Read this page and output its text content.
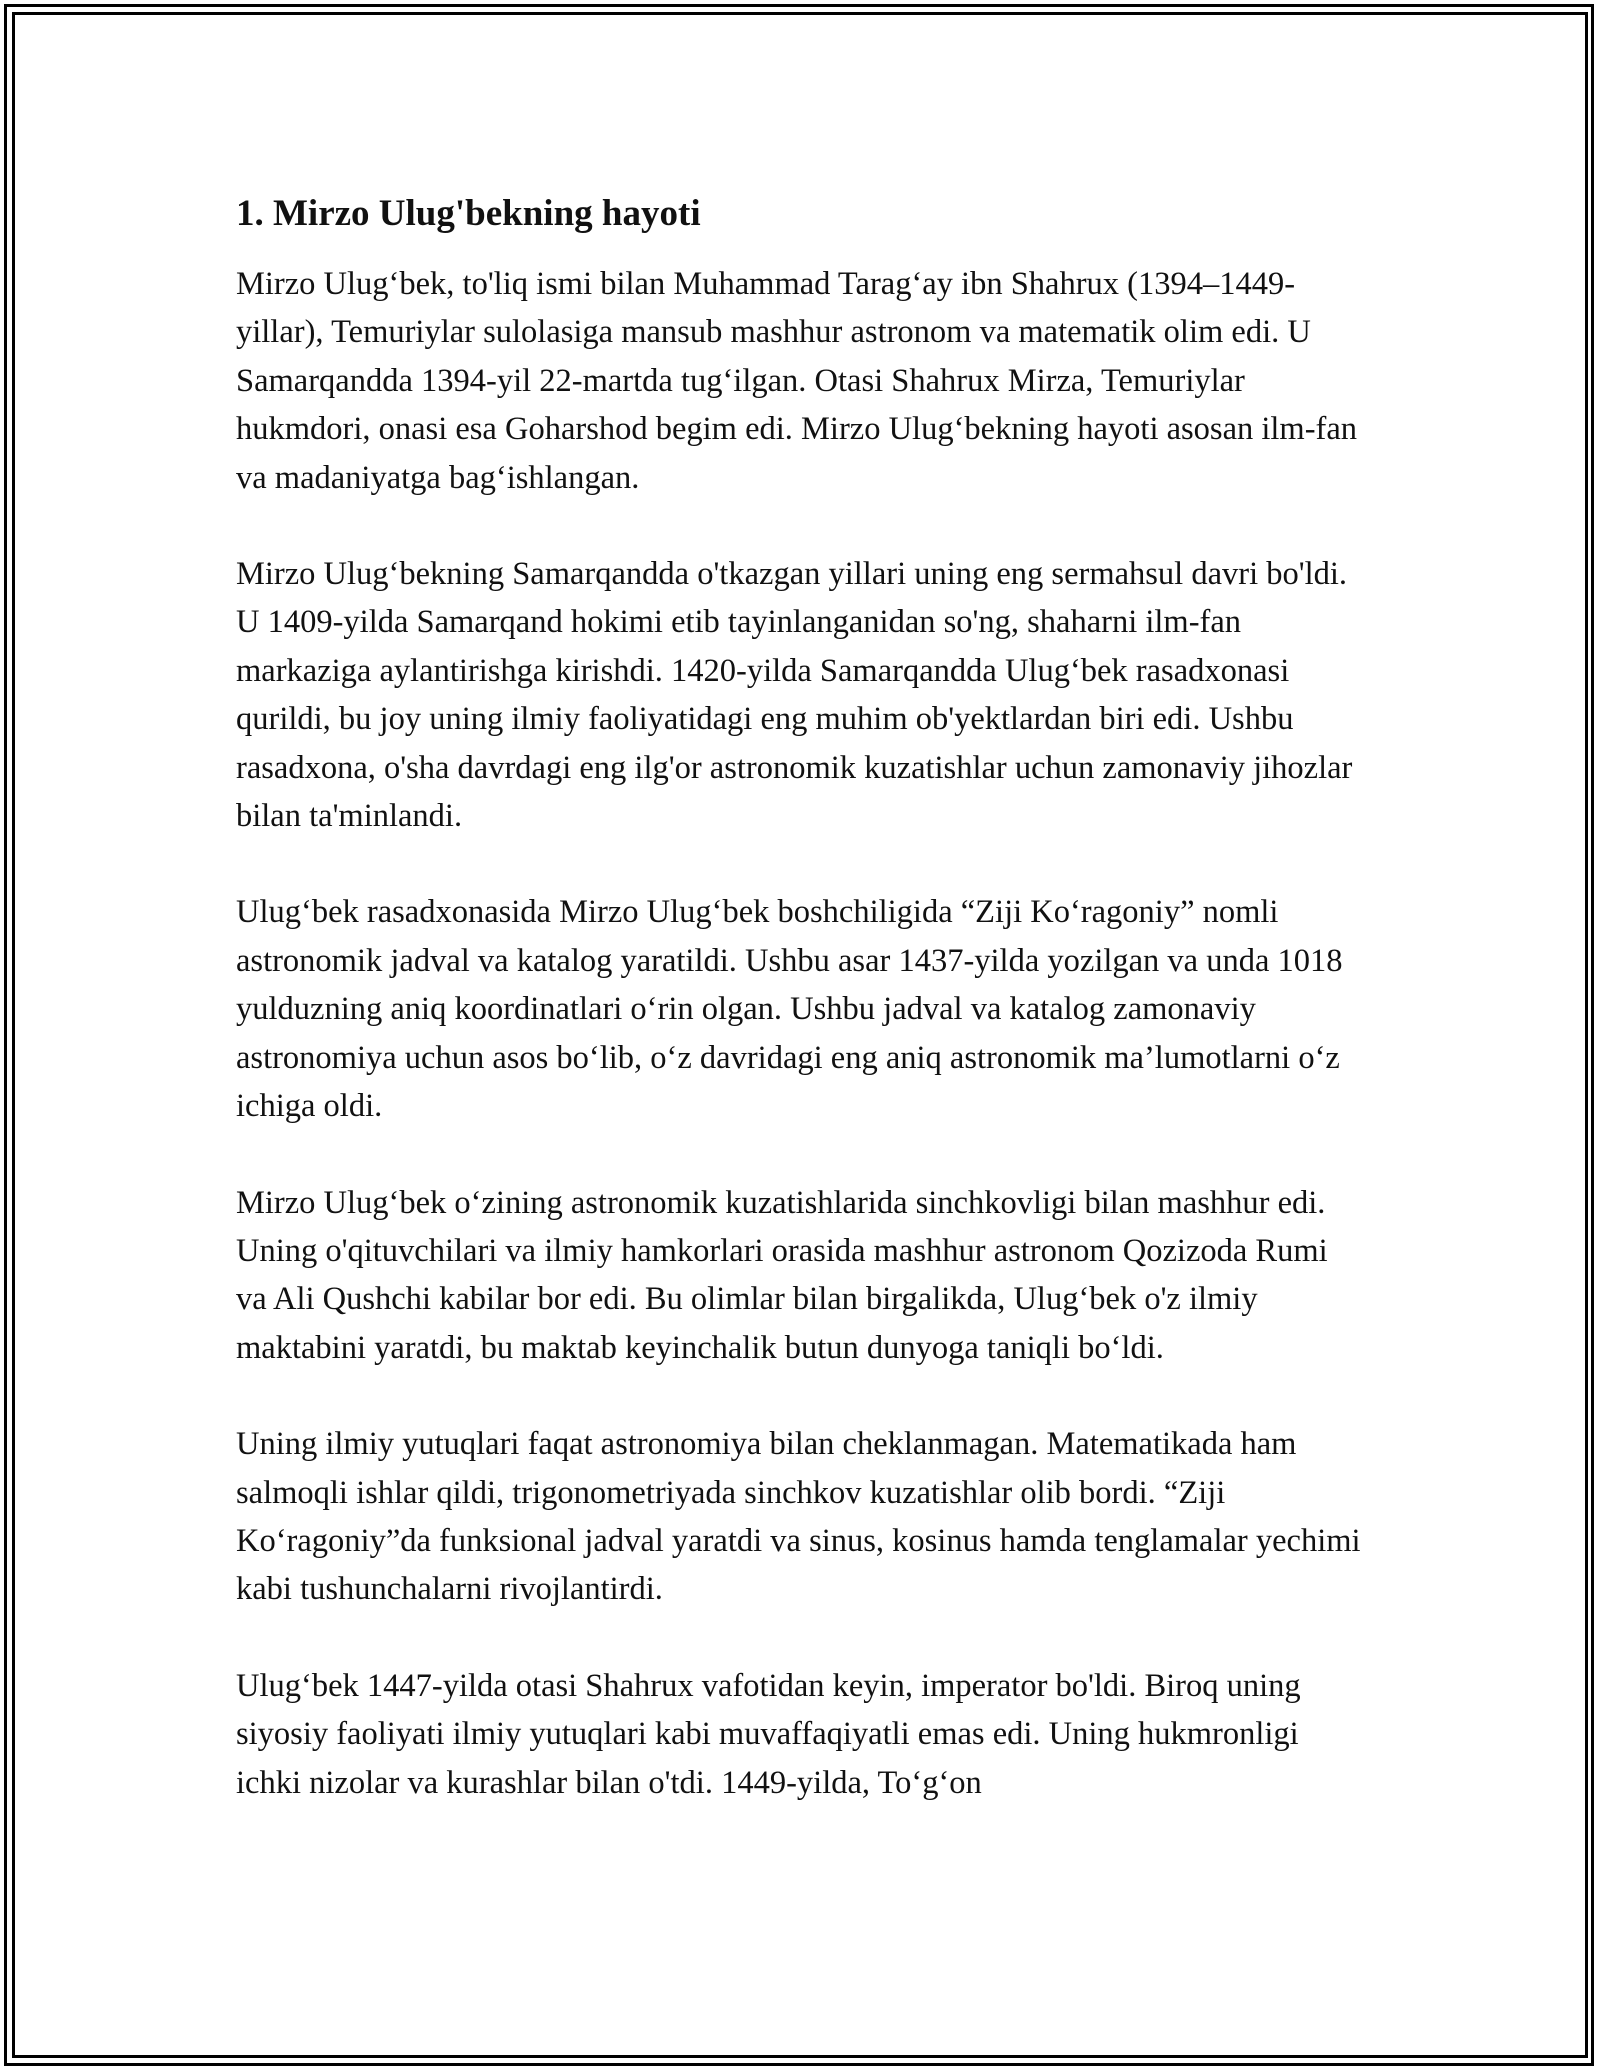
1. Mirzo Ulug'bekning hayoti

Mirzo Ulug‘bek, to'liq ismi bilan Muhammad Tarag‘ay ibn Shahrux (1394–1449-yillar), Temuriylar sulolasiga mansub mashhur astronom va matematik olim edi. U Samarqandda 1394-yil 22-martda tug‘ilgan. Otasi Shahrux Mirza, Temuriylar hukmdori, onasi esa Goharshod begim edi. Mirzo Ulug‘bekning hayoti asosan ilm-fan va madaniyatga bag‘ishlangan.

Mirzo Ulug‘bekning Samarqandda o'tkazgan yillari uning eng sermahsul davri bo'ldi. U 1409-yilda Samarqand hokimi etib tayinlanganidan so'ng, shaharni ilm-fan markaziga aylantirishga kirishdi. 1420-yilda Samarqandda Ulug‘bek rasadxonasi qurildi, bu joy uning ilmiy faoliyatidagi eng muhim ob'yektlardan biri edi. Ushbu rasadxona, o'sha davrdagi eng ilg'or astronomik kuzatishlar uchun zamonaviy jihozlar bilan ta'minlandi.

Ulug‘bek rasadxonasida Mirzo Ulug‘bek boshchiligida “Ziji Ko‘ragoniy” nomli astronomik jadval va katalog yaratildi. Ushbu asar 1437-yilda yozilgan va unda 1018 yulduzning aniq koordinatlari o‘rin olgan. Ushbu jadval va katalog zamonaviy astronomiya uchun asos bo‘lib, o‘z davridagi eng aniq astronomik ma’lumotlarni o‘z ichiga oldi.

Mirzo Ulug‘bek o‘zining astronomik kuzatishlarida sinchkovligi bilan mashhur edi. Uning o'qituvchilari va ilmiy hamkorlari orasida mashhur astronom Qozizoda Rumi va Ali Qushchi kabilar bor edi. Bu olimlar bilan birgalikda, Ulug‘bek o'z ilmiy maktabini yaratdi, bu maktab keyinchalik butun dunyoga taniqli bo‘ldi.

Uning ilmiy yutuqlari faqat astronomiya bilan cheklanmagan. Matematikada ham salmoqli ishlar qildi, trigonometriyada sinchkov kuzatishlar olib bordi. “Ziji Ko‘ragoniy”da funksional jadval yaratdi va sinus, kosinus hamda tenglamalar yechimi kabi tushunchalarni rivojlantirdi.

Ulug‘bek 1447-yilda otasi Shahrux vafotidan keyin, imperator bo'ldi. Biroq uning siyosiy faoliyati ilmiy yutuqlari kabi muvaffaqiyatli emas edi. Uning hukmronligi ichki nizolar va kurashlar bilan o'tdi. 1449-yilda, To‘g‘on
